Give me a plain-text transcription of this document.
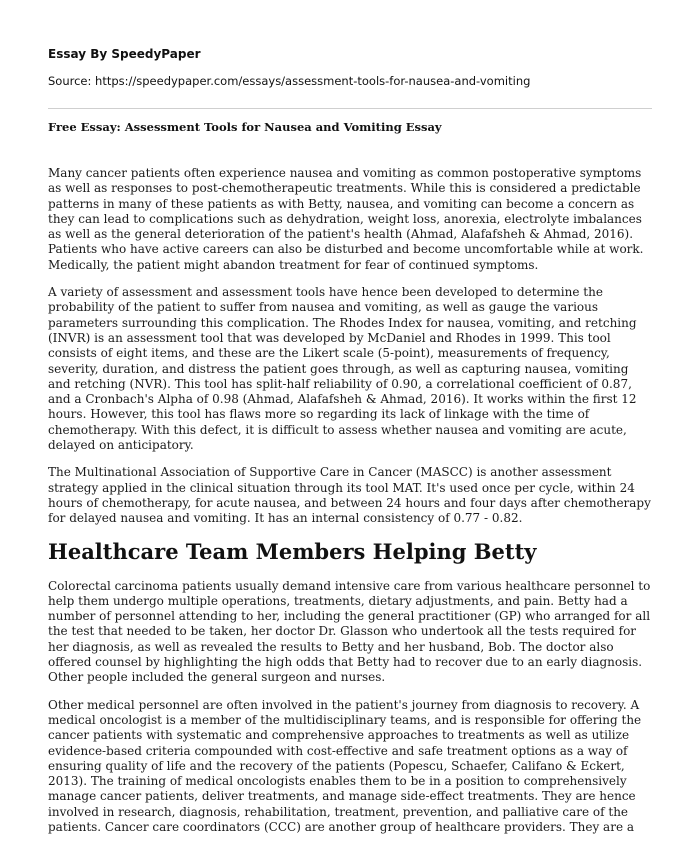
Essay By SpeedyPaper
Source: https://speedypaper.com/essays/assessment-tools-for-nausea-and-vomiting
Free Essay: Assessment Tools for Nausea and Vomiting Essay

Many cancer patients often experience nausea and vomiting as common postoperative symptoms as well as responses to post-chemotherapeutic treatments. While this is considered a predictable patterns in many of these patients as with Betty, nausea, and vomiting can become a concern as they can lead to complications such as dehydration, weight loss, anorexia, electrolyte imbalances as well as the general deterioration of the patient's health (Ahmad, Alafafsheh & Ahmad, 2016). Patients who have active careers can also be disturbed and become uncomfortable while at work. Medically, the patient might abandon treatment for fear of continued symptoms.

A variety of assessment and assessment tools have hence been developed to determine the probability of the patient to suffer from nausea and vomiting, as well as gauge the various parameters surrounding this complication. The Rhodes Index for nausea, vomiting, and retching (INVR) is an assessment tool that was developed by McDaniel and Rhodes in 1999. This tool consists of eight items, and these are the Likert scale (5-point), measurements of frequency, severity, duration, and distress the patient goes through, as well as capturing nausea, vomiting and retching (NVR). This tool has split-half reliability of 0.90, a correlational coefficient of 0.87, and a Cronbach's Alpha of 0.98 (Ahmad, Alafafsheh & Ahmad, 2016). It works within the first 12 hours. However, this tool has flaws more so regarding its lack of linkage with the time of chemotherapy. With this defect, it is difficult to assess whether nausea and vomiting are acute, delayed on anticipatory.

The Multinational Association of Supportive Care in Cancer (MASCC) is another assessment strategy applied in the clinical situation through its tool MAT. It's used once per cycle, within 24 hours of chemotherapy, for acute nausea, and between 24 hours and four days after chemotherapy for delayed nausea and vomiting. It has an internal consistency of 0.77 - 0.82.

Healthcare Team Members Helping Betty

Colorectal carcinoma patients usually demand intensive care from various healthcare personnel to help them undergo multiple operations, treatments, dietary adjustments, and pain. Betty had a number of personnel attending to her, including the general practitioner (GP) who arranged for all the test that needed to be taken, her doctor Dr. Glasson who undertook all the tests required for her diagnosis, as well as revealed the results to Betty and her husband, Bob. The doctor also offered counsel by highlighting the high odds that Betty had to recover due to an early diagnosis. Other people included the general surgeon and nurses.

Other medical personnel are often involved in the patient's journey from diagnosis to recovery. A medical oncologist is a member of the multidisciplinary teams, and is responsible for offering the cancer patients with systematic and comprehensive approaches to treatments as well as utilize evidence-based criteria compounded with cost-effective and safe treatment options as a way of ensuring quality of life and the recovery of the patients (Popescu, Schaefer, Califano & Eckert, 2013). The training of medical oncologists enables them to be in a position to comprehensively manage cancer patients, deliver treatments, and manage side-effect treatments. They are hence involved in research, diagnosis, rehabilitation, treatment, prevention, and palliative care of the patients. Cancer care coordinators (CCC) are another group of healthcare providers. They are a
